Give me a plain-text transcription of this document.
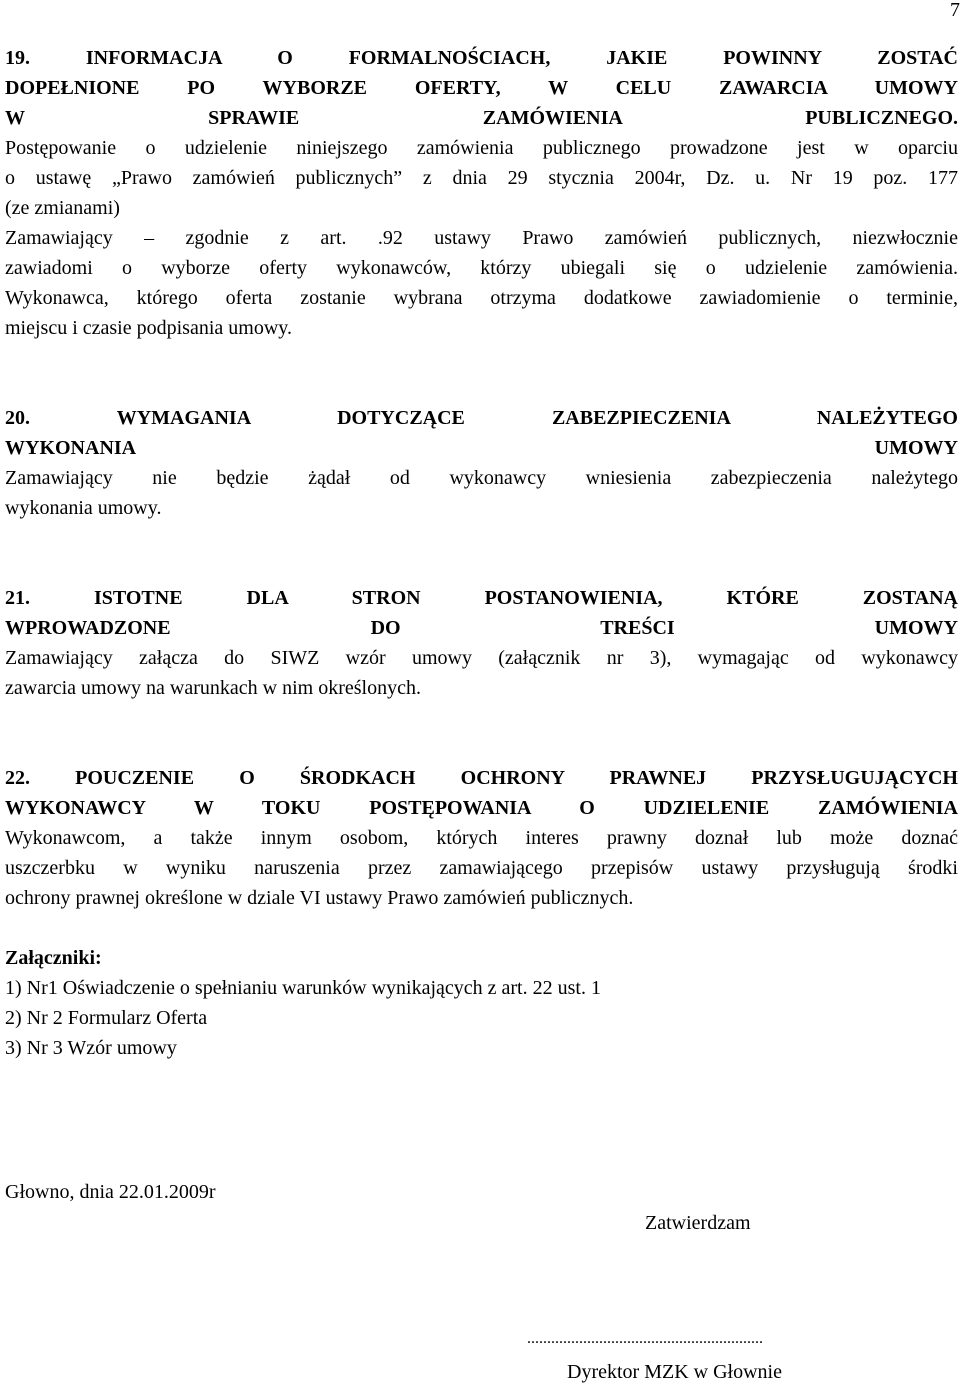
7
19. INFORMACJA O FORMALNOŚCIACH, JAKIE POWINNY ZOSTAĆ
DOPEŁNIONE PO WYBORZE OFERTY, W CELU ZAWARCIA UMOWY
W SPRAWIE ZAMÓWIENIA PUBLICZNEGO.
Postępowanie o udzielenie niniejszego zamówienia publicznego prowadzone jest w oparciu
o ustawę „Prawo zamówień publicznych” z dnia 29 stycznia 2004r, Dz. u. Nr 19 poz. 177
(ze zmianami)
Zamawiający – zgodnie z art. .92 ustawy Prawo zamówień publicznych, niezwłocznie
zawiadomi o wyborze oferty wykonawców, którzy ubiegali się o udzielenie zamówienia.
Wykonawca, którego oferta zostanie wybrana otrzyma dodatkowe zawiadomienie o terminie,
miejscu i czasie podpisania umowy.
20. WYMAGANIA DOTYCZĄCE ZABEZPIECZENIA NALEŻYTEGO
WYKONANIA UMOWY
Zamawiający nie będzie żądał od wykonawcy wniesienia zabezpieczenia należytego
wykonania umowy.
21. ISTOTNE DLA STRON POSTANOWIENIA, KTÓRE ZOSTANĄ
WPROWADZONE DO TREŚCI UMOWY
Zamawiający załącza do SIWZ wzór umowy (załącznik nr 3), wymagając od wykonawcy
zawarcia umowy na warunkach w nim określonych.
22. POUCZENIE O ŚRODKACH OCHRONY PRAWNEJ PRZYSŁUGUJĄCYCH
WYKONAWCY W TOKU POSTĘPOWANIA O UDZIELENIE ZAMÓWIENIA
Wykonawcom, a także innym osobom, których interes prawny doznał lub może doznać
uszczerbku w wyniku naruszenia przez zamawiającego przepisów ustawy przysługują środki
ochrony prawnej określone w dziale VI ustawy Prawo zamówień publicznych.
Załączniki:
1) Nr1 Oświadczenie o spełnianiu warunków wynikających z art. 22 ust. 1
2) Nr 2 Formularz Oferta
3) Nr 3 Wzór umowy
Głowno, dnia 22.01.2009r
Zatwierdzam
...........................................................
Dyrektor MZK w Głownie
